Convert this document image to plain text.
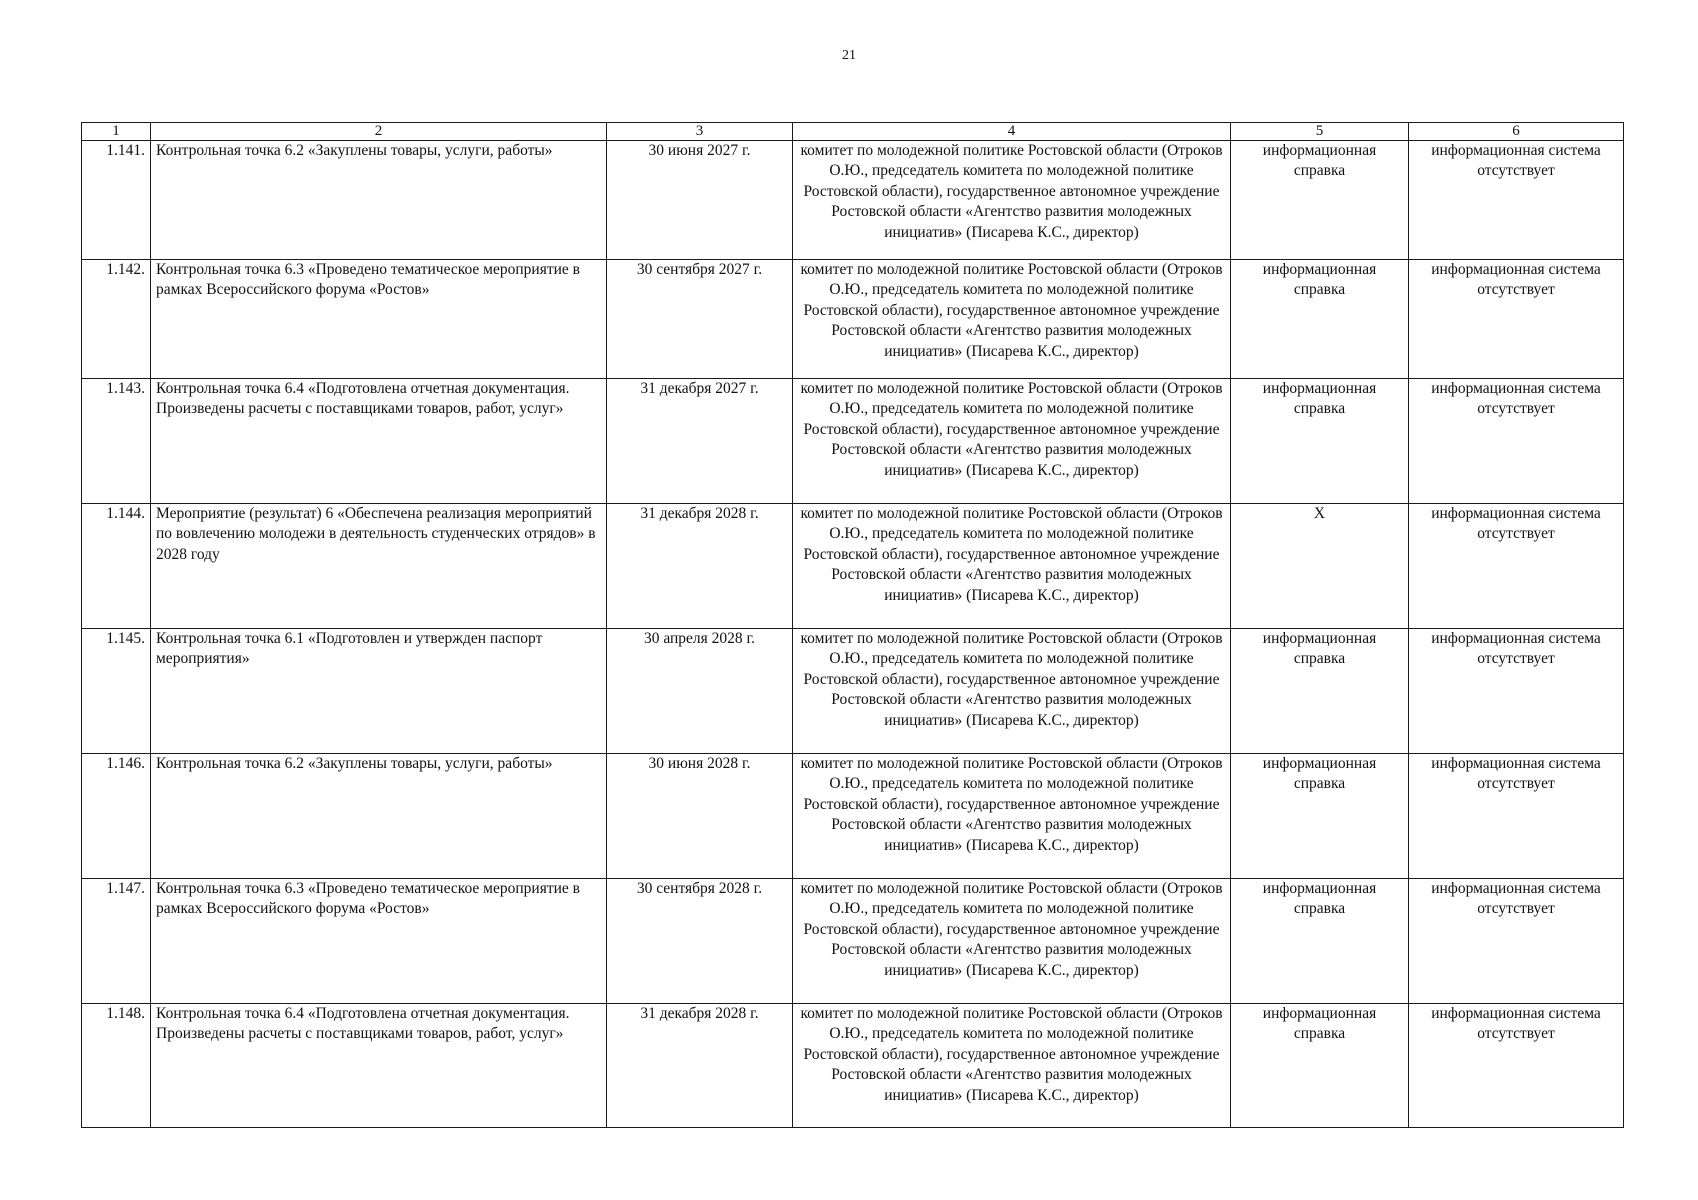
21
1	2	3	4	5	6
1.141.	Контрольная точка 6.2 «Закуплены товары, услуги, работы»	30 июня 2027 г.	комитет по молодежной политике Ростовской области (Отроков О.Ю., председатель комитета по молодежной политике Ростовской области), государственное автономное учреждение Ростовской области «Агентство развития молодежных инициатив» (Писарева К.С., директор)	информационная справка	информационная система отсутствует
1.142.	Контрольная точка 6.3 «Проведено тематическое мероприятие в рамках Всероссийского форума «Ростов»	30 сентября 2027 г.	комитет по молодежной политике Ростовской области (Отроков О.Ю., председатель комитета по молодежной политике Ростовской области), государственное автономное учреждение Ростовской области «Агентство развития молодежных инициатив» (Писарева К.С., директор)	информационная справка	информационная система отсутствует
1.143.	Контрольная точка 6.4 «Подготовлена отчетная документация. Произведены расчеты с поставщиками товаров, работ, услуг»	31 декабря 2027 г.	комитет по молодежной политике Ростовской области (Отроков О.Ю., председатель комитета по молодежной политике Ростовской области), государственное автономное учреждение Ростовской области «Агентство развития молодежных инициатив» (Писарева К.С., директор)	информационная справка	информационная система отсутствует
1.144.	Мероприятие (результат) 6 «Обеспечена реализация мероприятий по вовлечению молодежи в деятельность студенческих отрядов» в 2028 году	31 декабря 2028 г.	комитет по молодежной политике Ростовской области (Отроков О.Ю., председатель комитета по молодежной политике Ростовской области), государственное автономное учреждение Ростовской области «Агентство развития молодежных инициатив» (Писарева К.С., директор)	Х	информационная система отсутствует
1.145.	Контрольная точка 6.1 «Подготовлен и утвержден паспорт мероприятия»	30 апреля 2028 г.	комитет по молодежной политике Ростовской области (Отроков О.Ю., председатель комитета по молодежной политике Ростовской области), государственное автономное учреждение Ростовской области «Агентство развития молодежных инициатив» (Писарева К.С., директор)	информационная справка	информационная система отсутствует
1.146.	Контрольная точка 6.2 «Закуплены товары, услуги, работы»	30 июня 2028 г.	комитет по молодежной политике Ростовской области (Отроков О.Ю., председатель комитета по молодежной политике Ростовской области), государственное автономное учреждение Ростовской области «Агентство развития молодежных инициатив» (Писарева К.С., директор)	информационная справка	информационная система отсутствует
1.147.	Контрольная точка 6.3 «Проведено тематическое мероприятие в рамках Всероссийского форума «Ростов»	30 сентября 2028 г.	комитет по молодежной политике Ростовской области (Отроков О.Ю., председатель комитета по молодежной политике Ростовской области), государственное автономное учреждение Ростовской области «Агентство развития молодежных инициатив» (Писарева К.С., директор)	информационная справка	информационная система отсутствует
1.148.	Контрольная точка 6.4 «Подготовлена отчетная документация. Произведены расчеты с поставщиками товаров, работ, услуг»	31 декабря 2028 г.	комитет по молодежной политике Ростовской области (Отроков О.Ю., председатель комитета по молодежной политике Ростовской области), государственное автономное учреждение Ростовской области «Агентство развития молодежных инициатив» (Писарева К.С., директор)	информационная справка	информационная система отсутствует
